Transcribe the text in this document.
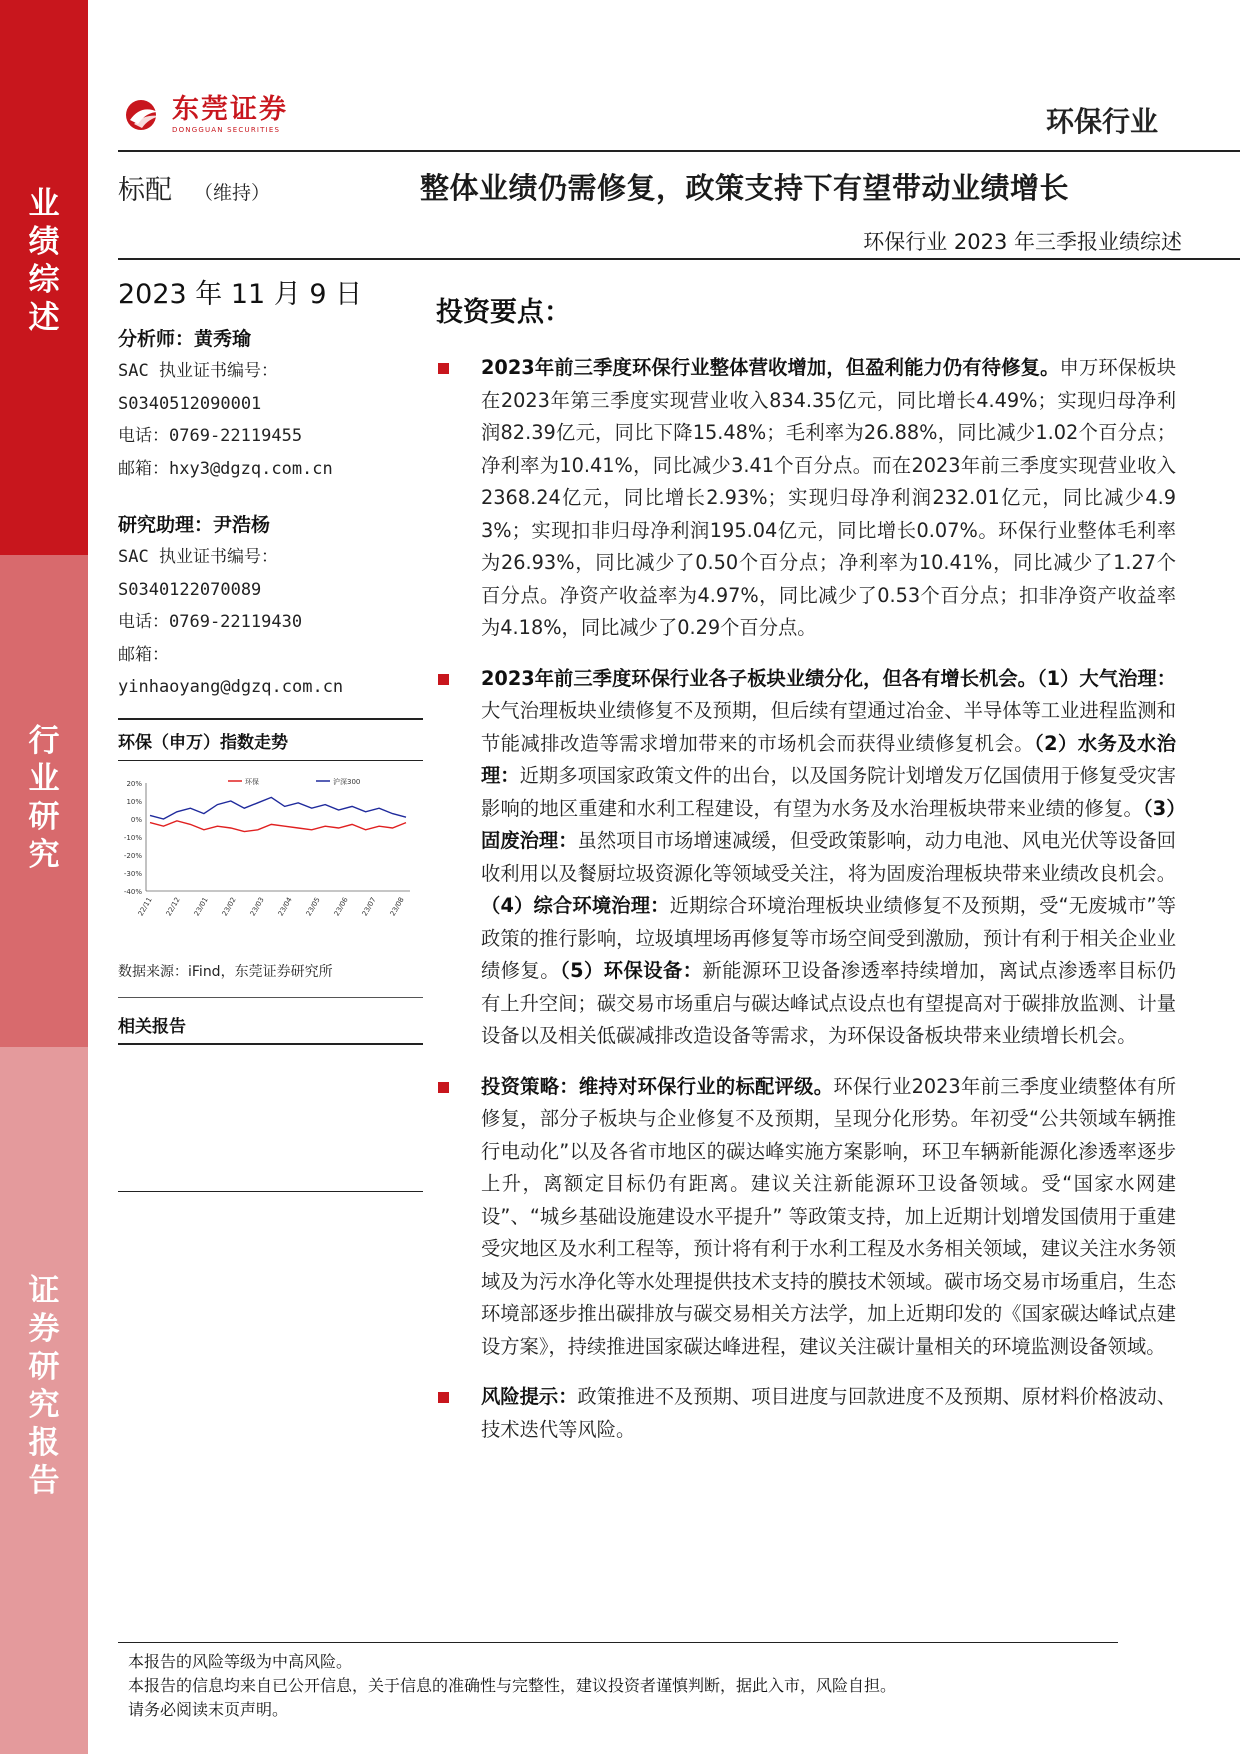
业绩综述
行业研究
证券研究报告
东莞证券
DONGGUAN SECURITIES	环保行业
标配 （维持）	整体业绩仍需修复，政策支持下有望带动业绩增长
环保行业 2023 年三季报业绩综述
2023 年 11 月 9 日
分析师：黄秀瑜
SAC 执业证书编号：
S0340512090001
电话：0769-22119455
邮箱：hxy3@dgzq.com.cn
研究助理：尹浩杨
SAC 执业证书编号：
S0340122070089
电话：0769-22119430
邮箱：
yinhaoyang@dgzq.com.cn
环保（申万）指数走势
20%
10%
0%
-10%
-20%
-30%
-40%
22/11 22/12 23/01 23/02 23/03 23/04 23/05 23/06 23/07 23/08
环保	沪深300
数据来源：iFind，东莞证券研究所
相关报告
投资要点：
2023年前三季度环保行业整体营收增加，但盈利能力仍有待修复。申万环保板块在2023年第三季度实现营业收入834.35亿元，同比增长4.49%；实现归母净利润82.39亿元，同比下降15.48%；毛利率为26.88%，同比减少1.02个百分点；净利率为10.41%，同比减少3.41个百分点。而在2023年前三季度实现营业收入2368.24亿元，同比增长2.93%；实现归母净利润232.01亿元，同比减少4.93%；实现扣非归母净利润195.04亿元，同比增长0.07%。环保行业整体毛利率为26.93%，同比减少了0.50个百分点；净利率为10.41%，同比减少了1.27个百分点。净资产收益率为4.97%，同比减少了0.53个百分点；扣非净资产收益率为4.18%，同比减少了0.29个百分点。
2023年前三季度环保行业各子板块业绩分化，但各有增长机会。（1）大气治理：大气治理板块业绩修复不及预期，但后续有望通过冶金、半导体等工业进程监测和节能减排改造等需求增加带来的市场机会而获得业绩修复机会。（2）水务及水治理：近期多项国家政策文件的出台，以及国务院计划增发万亿国债用于修复受灾害影响的地区重建和水利工程建设，有望为水务及水治理板块带来业绩的修复。（3）固废治理：虽然项目市场增速减缓，但受政策影响，动力电池、风电光伏等设备回收利用以及餐厨垃圾资源化等领域受关注，将为固废治理板块带来业绩改良机会。（4）综合环境治理：近期综合环境治理板块业绩修复不及预期，受“无废城市”等政策的推行影响，垃圾填埋场再修复等市场空间受到激励，预计有利于相关企业业绩修复。（5）环保设备：新能源环卫设备渗透率持续增加，离试点渗透率目标仍有上升空间；碳交易市场重启与碳达峰试点设点也有望提高对于碳排放监测、计量设备以及相关低碳减排改造设备等需求，为环保设备板块带来业绩增长机会。
投资策略：维持对环保行业的标配评级。环保行业2023年前三季度业绩整体有所修复，部分子板块与企业修复不及预期，呈现分化形势。年初受“公共领域车辆推行电动化”以及各省市地区的碳达峰实施方案影响，环卫车辆新能源化渗透率逐步上升，离额定目标仍有距离。建议关注新能源环卫设备领域。受“国家水网建设”、“城乡基础设施建设水平提升” 等政策支持，加上近期计划增发国债用于重建受灾地区及水利工程等，预计将有利于水利工程及水务相关领域，建议关注水务领域及为污水净化等水处理提供技术支持的膜技术领域。碳市场交易市场重启，生态环境部逐步推出碳排放与碳交易相关方法学，加上近期印发的《国家碳达峰试点建设方案》，持续推进国家碳达峰进程，建议关注碳计量相关的环境监测设备领域。
风险提示：政策推进不及预期、项目进度与回款进度不及预期、原材料价格波动、技术迭代等风险。
本报告的风险等级为中高风险。
本报告的信息均来自已公开信息，关于信息的准确性与完整性，建议投资者谨慎判断，据此入市，风险自担。
请务必阅读末页声明。
